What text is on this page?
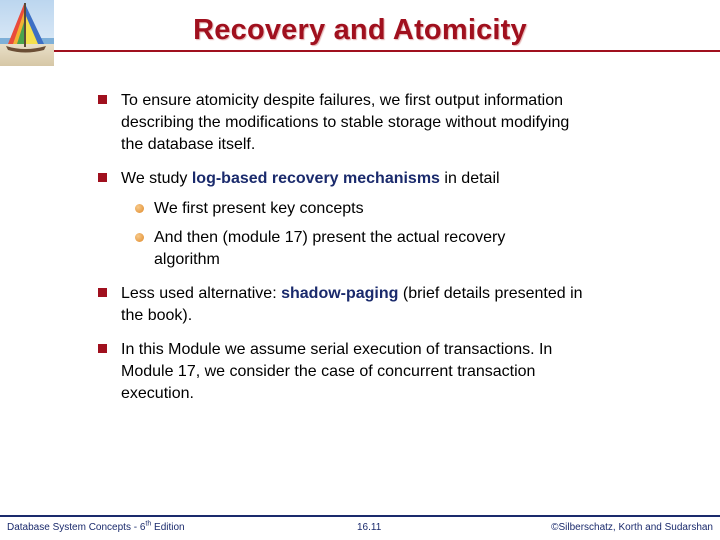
Recovery and Atomicity
To ensure atomicity despite failures, we first output information describing the modifications to stable storage without modifying the database itself.
We study log-based recovery mechanisms in detail
We first present key concepts
And then (module 17) present the actual recovery algorithm
Less used alternative: shadow-paging (brief details presented in the book).
In this Module we assume serial execution of transactions. In Module 17, we consider the case of concurrent transaction execution.
Database System Concepts - 6th Edition	16.11	©Silberschatz, Korth and Sudarshan
